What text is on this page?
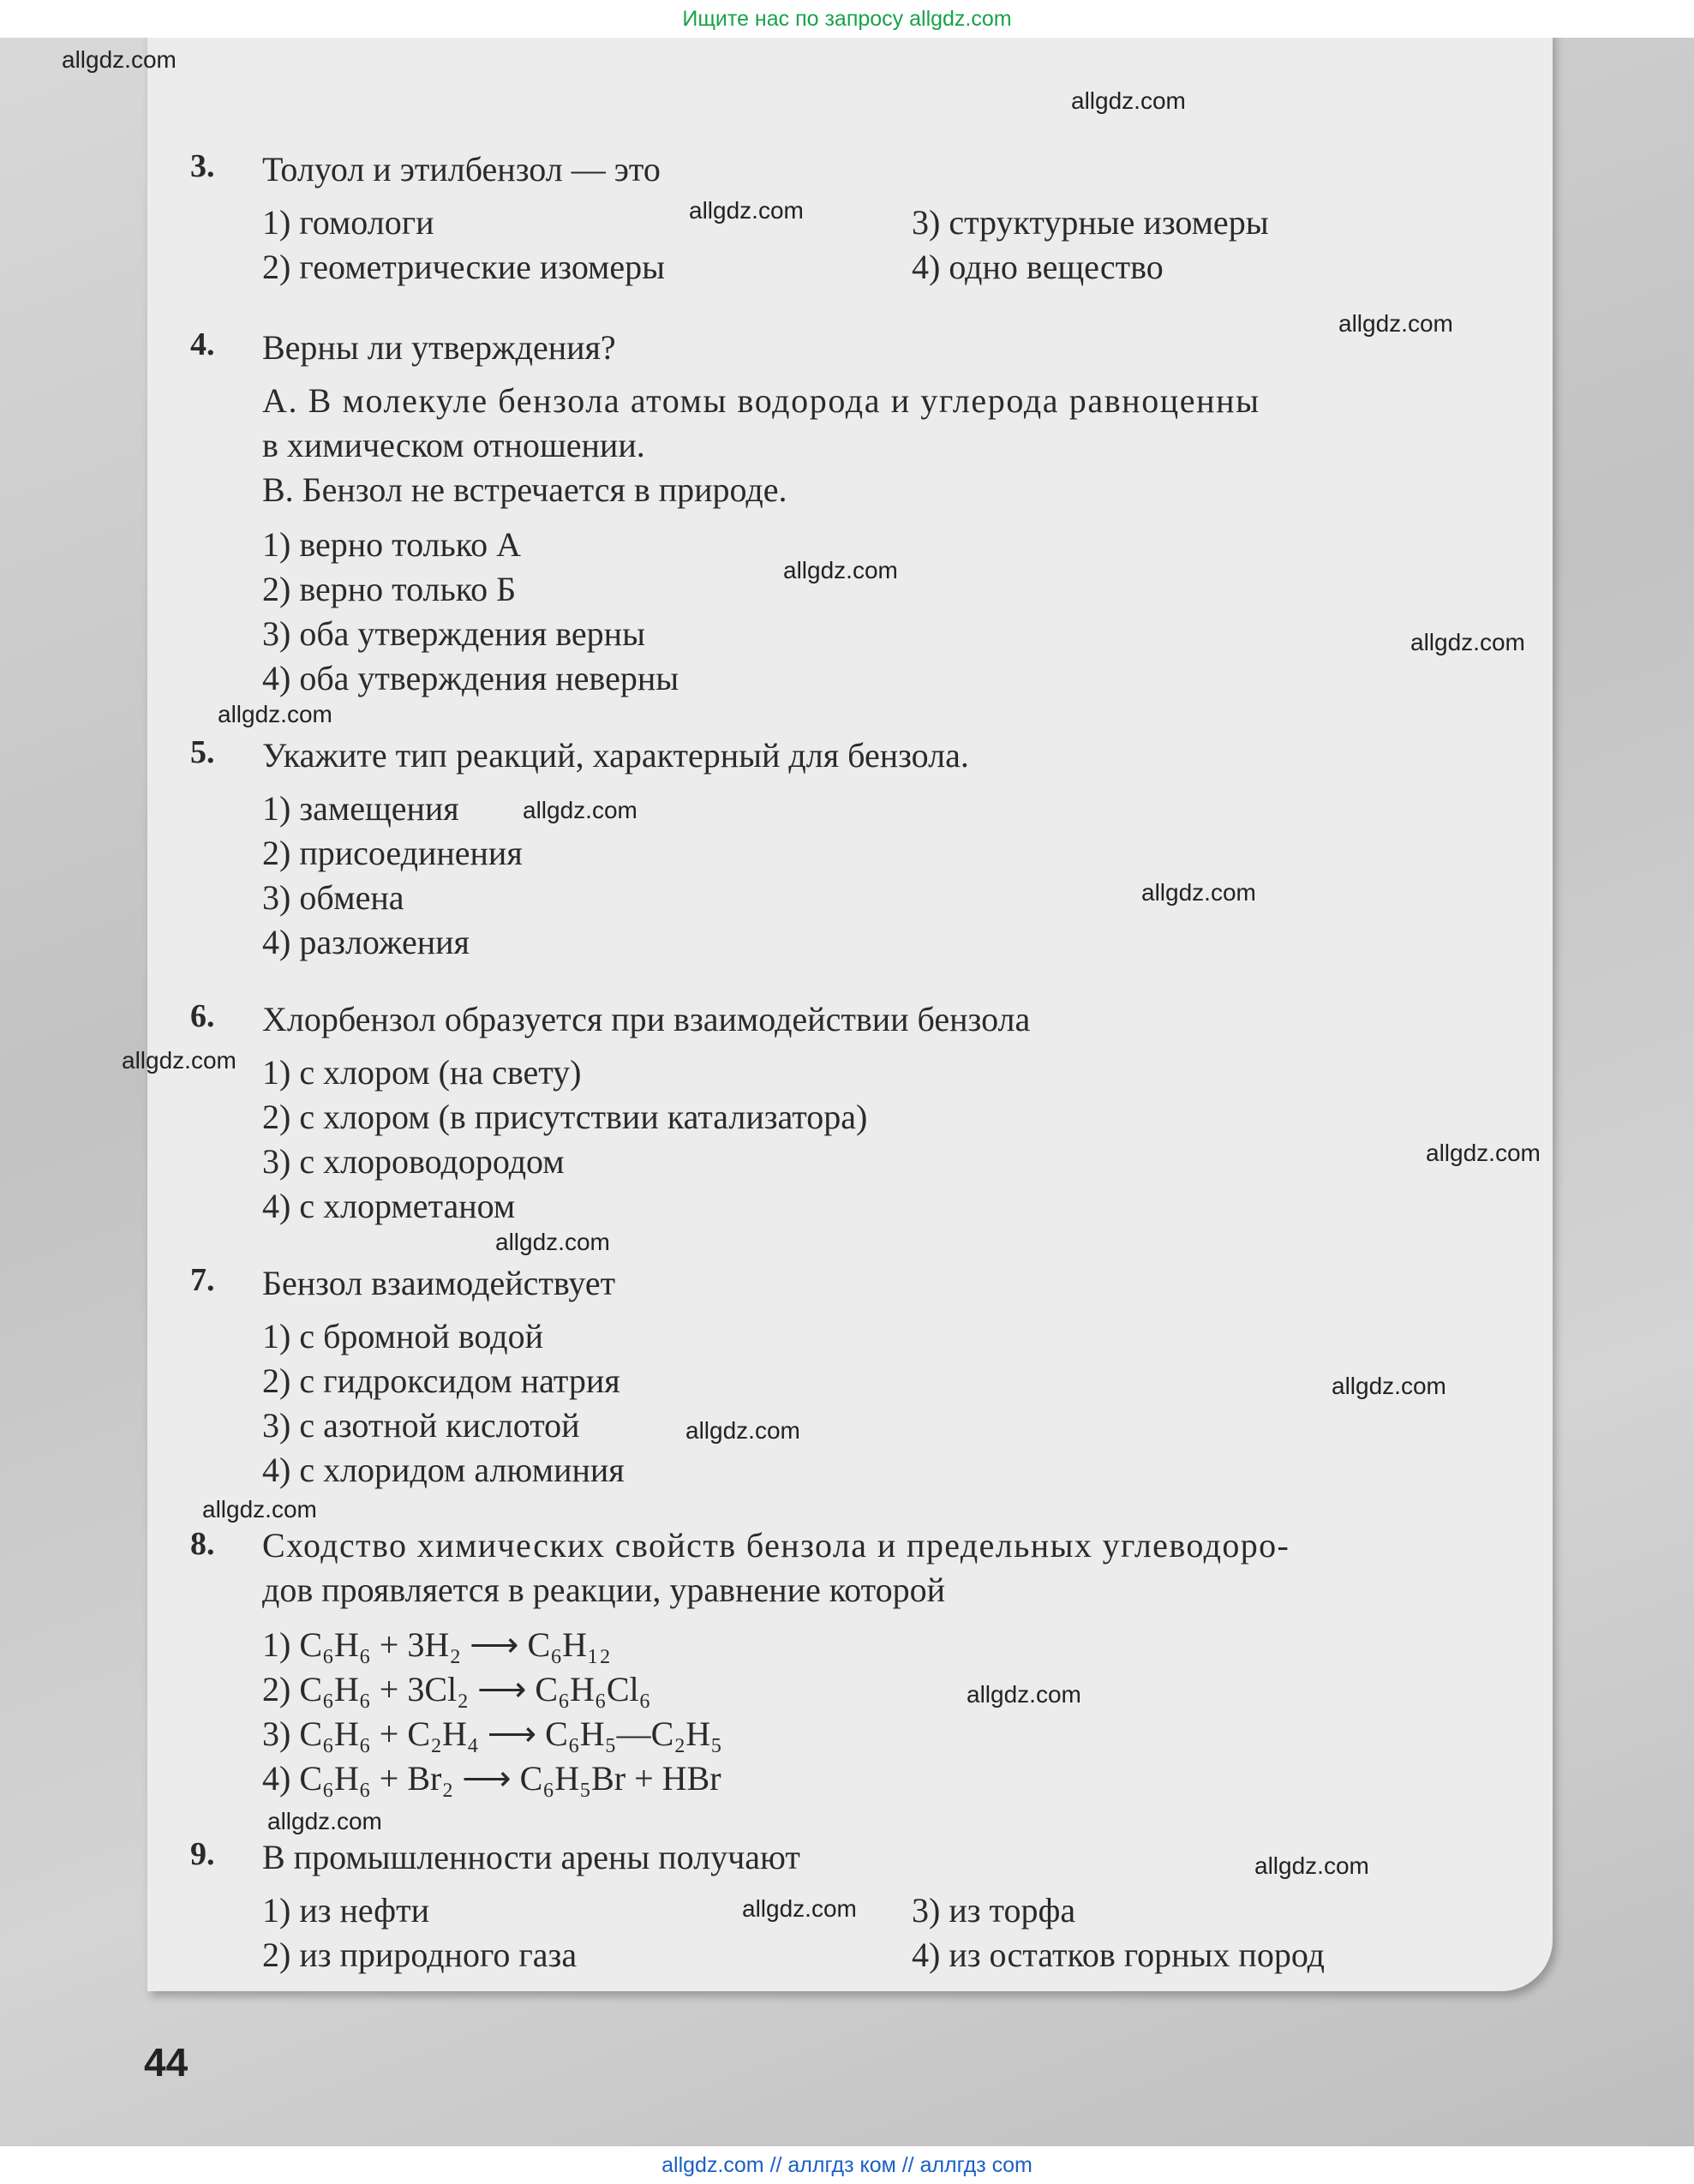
Ищите нас по запросу allgdz.com
3. Толуол и этилбензол — это
1) гомологи
2) геометрические изомеры
3) структурные изомеры
4) одно вещество
4. Верны ли утверждения?
А. В молекуле бензола атомы водорода и углерода равноценны
в химическом отношении.
В. Бензол не встречается в природе.
1) верно только А
2) верно только Б
3) оба утверждения верны
4) оба утверждения неверны
5. Укажите тип реакций, характерный для бензола.
1) замещения
2) присоединения
3) обмена
4) разложения
6. Хлорбензол образуется при взаимодействии бензола
1) с хлором (на свету)
2) с хлором (в присутствии катализатора)
3) с хлороводородом
4) с хлорметаном
7. Бензол взаимодействует
1) с бромной водой
2) с гидроксидом натрия
3) с азотной кислотой
4) с хлоридом алюминия
8. Сходство химических свойств бензола и предельных углеводоро-
дов проявляется в реакции, уравнение которой
1) C₆H₆ + 3H₂ ⟶ C₆H₁₂
2) C₆H₆ + 3Cl₂ ⟶ C₆H₆Cl₆
3) C₆H₆ + C₂H₄ ⟶ C₆H₅—C₂H₅
4) C₆H₆ + Br₂ ⟶ C₆H₅Br + HBr
9. В промышленности арены получают
1) из нефти
2) из природного газа
3) из торфа
4) из остатков горных пород
44
allgdz.com
allgdz.com
allgdz.com
allgdz.com
allgdz.com
allgdz.com
allgdz.com
allgdz.com
allgdz.com
allgdz.com
allgdz.com
allgdz.com
allgdz.com
allgdz.com
allgdz.com
allgdz.com
allgdz.com
allgdz.com
allgdz.com
allgdz.com // аллгдз ком // аллгдз com
